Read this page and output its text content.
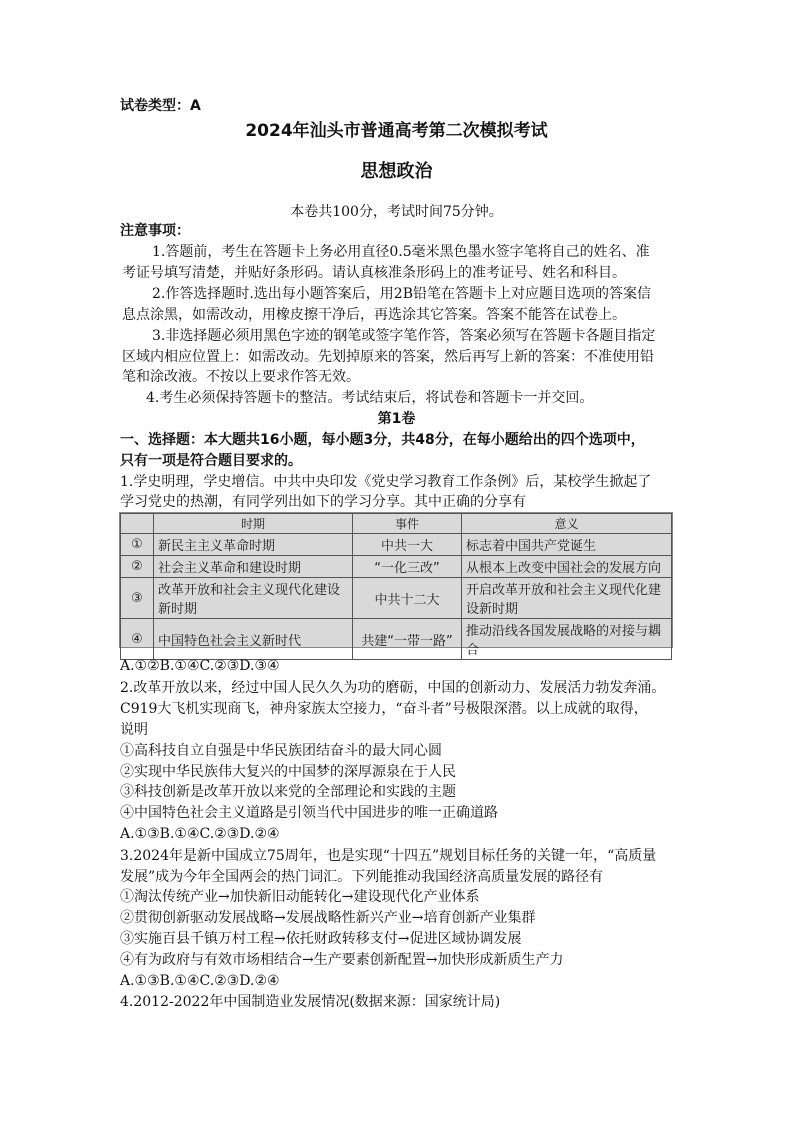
试卷类型：A
2024年汕头市普通高考第二次模拟考试
思想政治
本卷共100分，考试时间75分钟。
注意事项：
1.答题前，考生在答题卡上务必用直径0.5毫米黑色墨水签字笔将自己的姓名、准
考证号填写清楚，并贴好条形码。请认真核准条形码上的准考证号、姓名和科目。
2.作答选择题时.选出每小题答案后，用2B铅笔在答题卡上对应题目选项的答案信
息点涂黑，如需改动，用橡皮擦干净后，再选涂其它答案。答案不能答在试卷上。
3.非选择题必须用黑色字迹的钢笔或签字笔作答，答案必须写在答题卡各题目指定
区域内相应位置上：如需改动。先划掉原来的答案，然后再写上新的答案：不准使用铅
笔和涂改液。不按以上要求作答无效。
4.考生必须保持答题卡的整洁。考试结束后，将试卷和答题卡一并交回。
第1卷
一、选择题：本大题共16小题，每小题3分，共48分，在每小题给出的四个选项中，
只有一项是符合题目要求的。
1.学史明理，学史增信。中共中央印发《党史学习教育工作条例》后，某校学生掀起了
学习党史的热潮，有同学列出如下的学习分享。其中正确的分享有
	时期	事件	意义
①	新民主主义革命时期	中共一大	标志着中国共产党诞生
②	社会主义革命和建设时期	“一化三改”	从根本上改变中国社会的发展方向
③	改革开放和社会主义现代化建设新时期	中共十二大	开启改革开放和社会主义现代化建设新时期
④	中国特色社会主义新时代	共建“一带一路”	推动沿线各国发展战略的对接与耦合
A.①②B.①④C.②③D.③④
2.改革开放以来，经过中国人民久久为功的磨砺，中国的创新动力、发展活力勃发奔涌。
C919大飞机实现商飞，神舟家族太空接力，“奋斗者”号极限深潜。以上成就的取得，
说明
①高科技自立自强是中华民族团结奋斗的最大同心圆
②实现中华民族伟大复兴的中国梦的深厚源泉在于人民
③科技创新是改革开放以来党的全部理论和实践的主题
④中国特色社会主义道路是引领当代中国进步的唯一正确道路
A.①③B.①④C.②③D.②④
3.2024年是新中国成立75周年，也是实现“十四五”规划目标任务的关键一年，“高质量
发展”成为今年全国两会的热门词汇。下列能推动我国经济高质量发展的路径有
①淘汰传统产业→加快新旧动能转化→建设现代化产业体系
②贯彻创新驱动发展战略→发展战略性新兴产业→培育创新产业集群
③实施百县千镇万村工程→依托财政转移支付→促进区域协调发展
④有为政府与有效市场相结合→生产要素创新配置→加快形成新质生产力
A.①③B.①④C.②③D.②④
4.2012-2022年中国制造业发展情况(数据来源：国家统计局)
